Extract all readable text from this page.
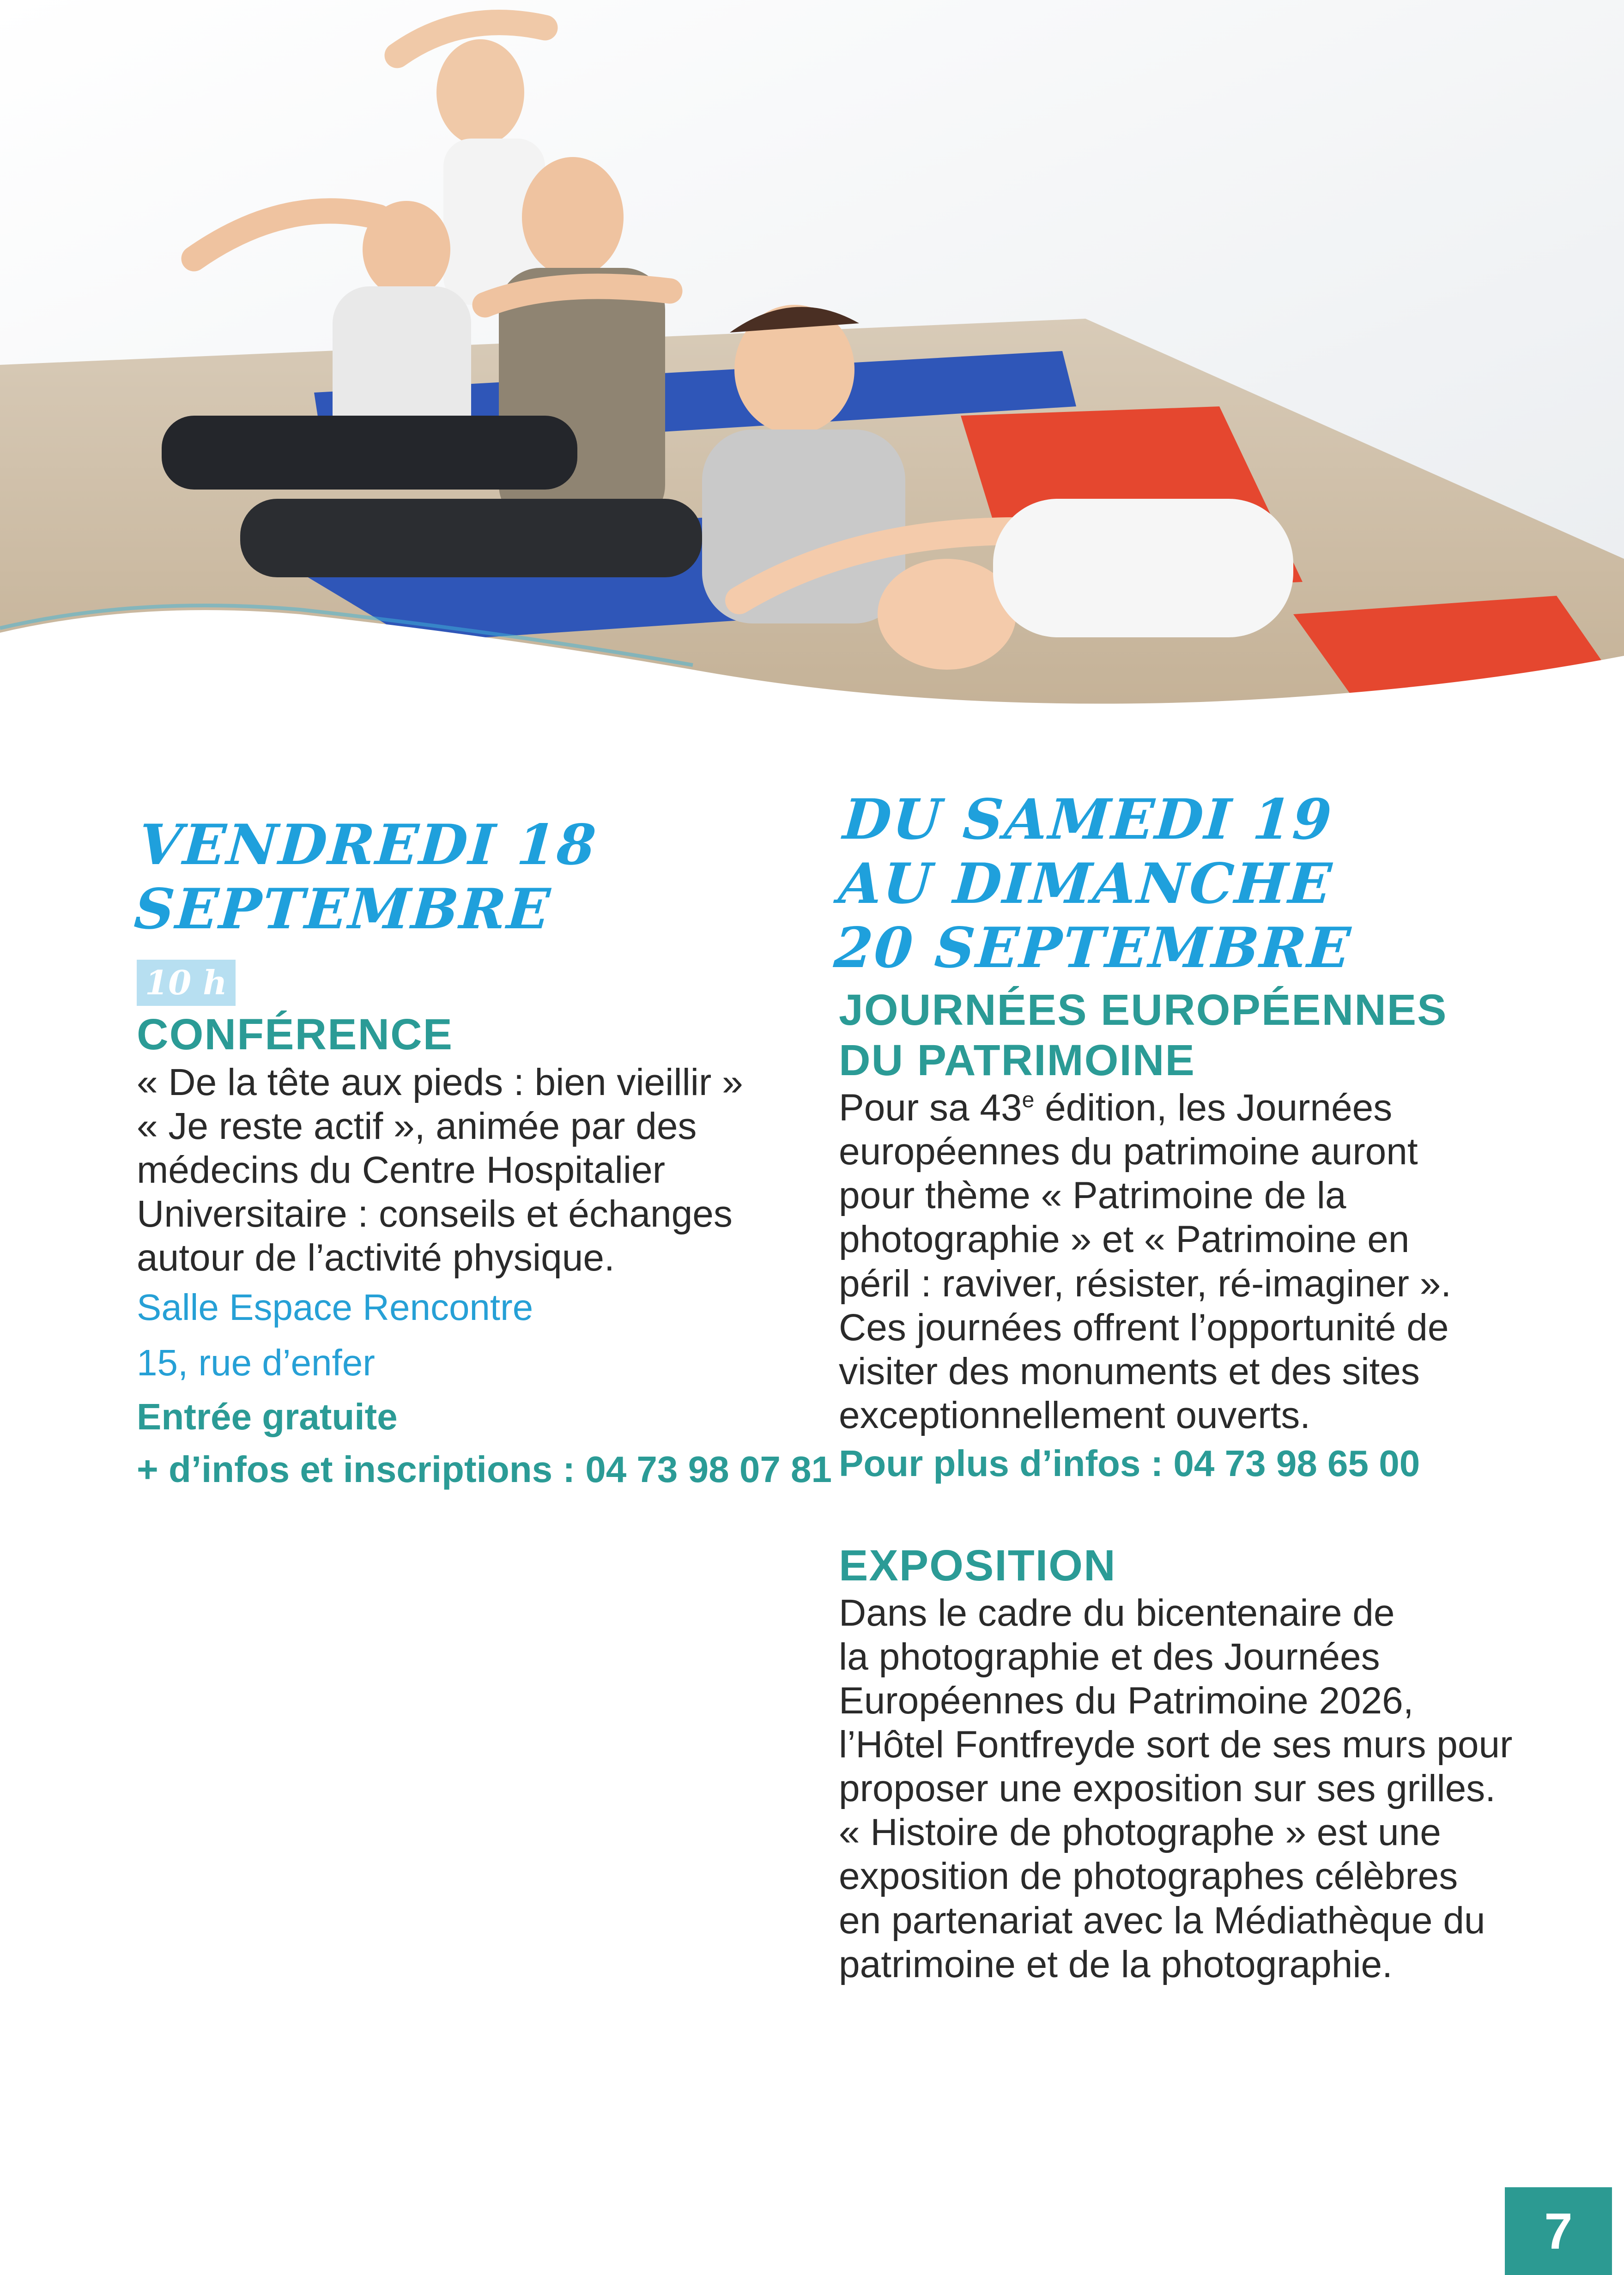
VENDREDI 18
SEPTEMBRE
10 h
CONFÉRENCE

« De la tête aux pieds : bien vieillir »
« Je reste actif », animée par des
médecins du Centre Hospitalier
Universitaire : conseils et échanges
autour de l’activité physique.

Salle Espace Rencontre
15, rue d’enfer
Entrée gratuite
+ d’infos et inscriptions : 04 73 98 07 81
DU SAMEDI 19
AU DIMANCHE
20 SEPTEMBRE
JOURNÉES EUROPÉENNES
DU PATRIMOINE

Pour sa 43e édition, les Journées
européennes du patrimoine auront
pour thème « Patrimoine de la
photographie » et « Patrimoine en
péril : raviver, résister, ré-imaginer ».
Ces journées offrent l’opportunité de
visiter des monuments et des sites
exceptionnellement ouverts.

Pour plus d’infos : 04 73 98 65 00
EXPOSITION

Dans le cadre du bicentenaire de
la photographie et des Journées
Européennes du Patrimoine 2026,
l’Hôtel Fontfreyde sort de ses murs pour
proposer une exposition sur ses grilles.
« Histoire de photographe » est une
exposition de photographes célèbres
en partenariat avec la Médiathèque du
patrimoine et de la photographie.

7
